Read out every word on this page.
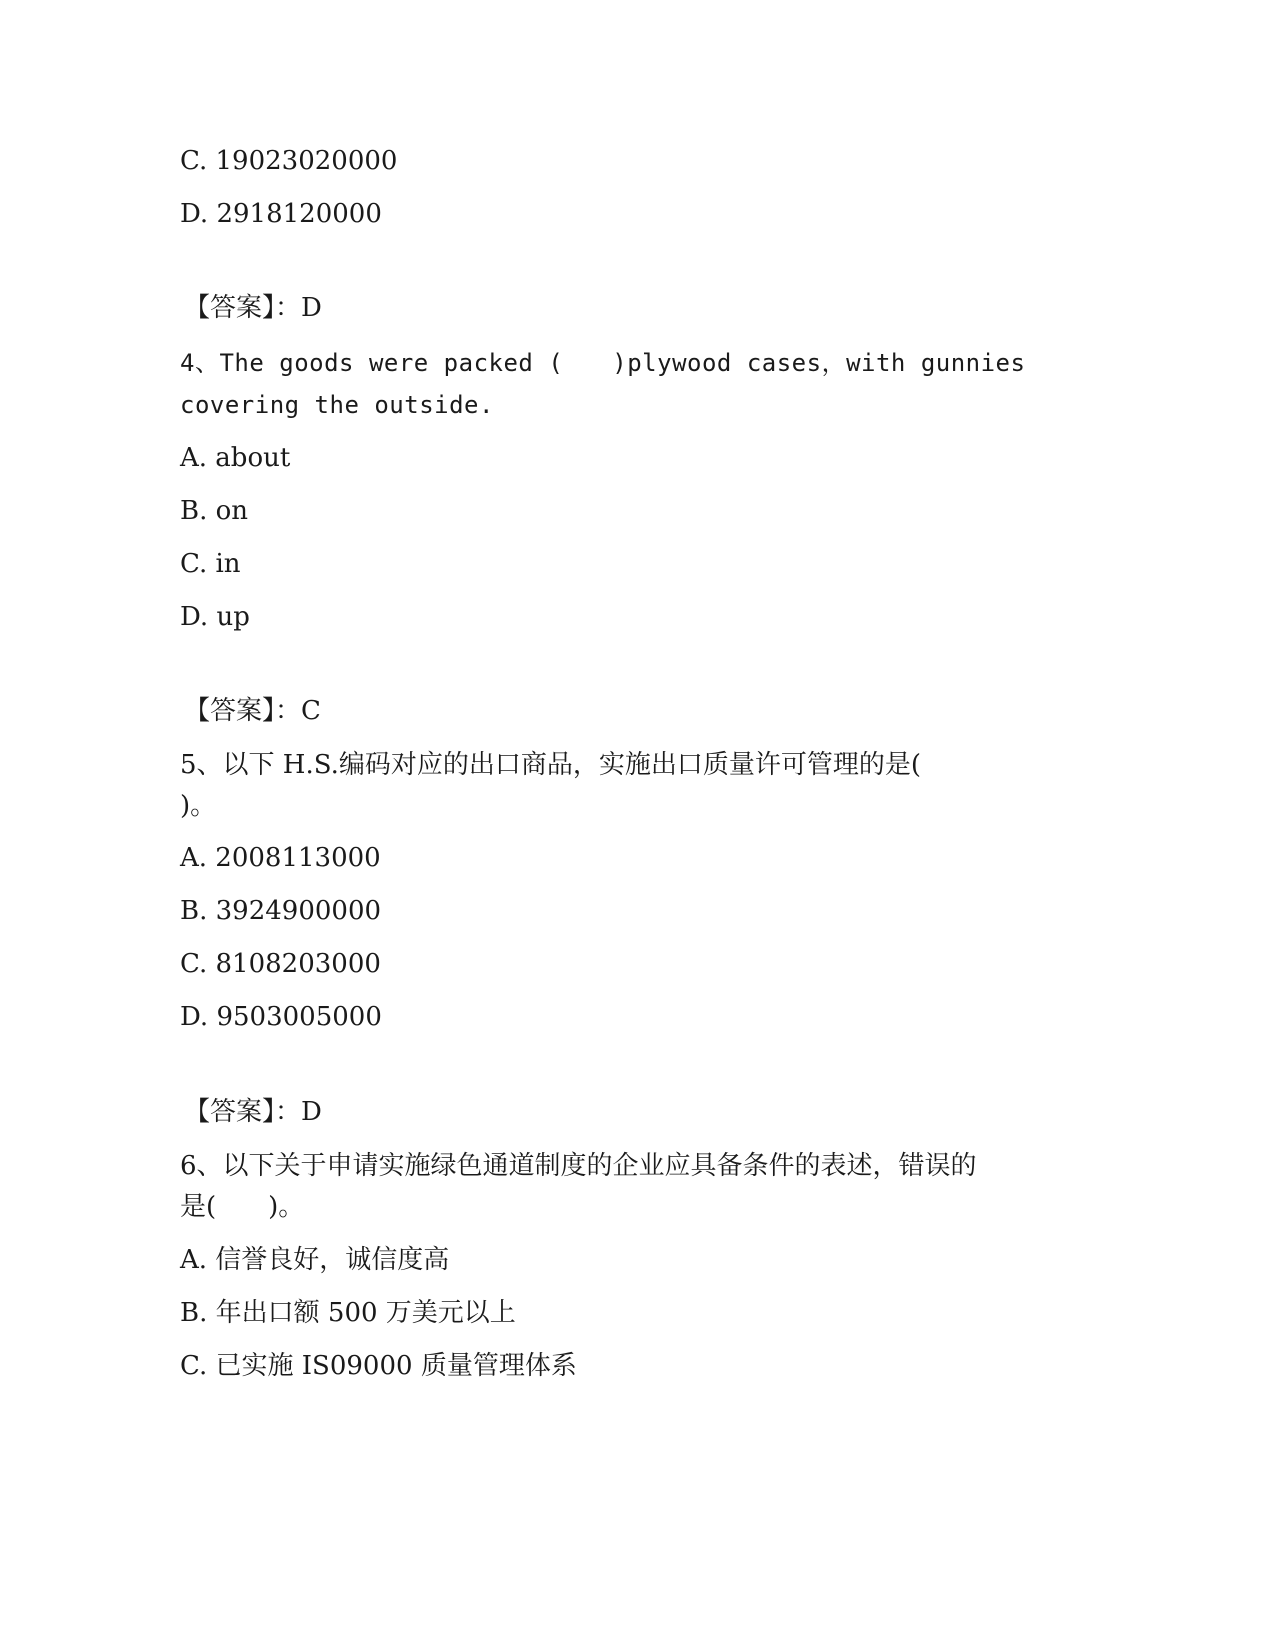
C. 19023020000
D. 2918120000
【答案】：D
4、The goods were packed (　　)plywood cases，with gunnies
covering the outside.
A. about
B. on
C. in
D. up
【答案】：C
5、以下 H.S.编码对应的出口商品，实施出口质量许可管理的是(
)。
A. 2008113000
B. 3924900000
C. 8108203000
D. 9503005000
【答案】：D
6、以下关于申请实施绿色通道制度的企业应具备条件的表述，错误的
是(　　)。
A. 信誉良好，诚信度高
B. 年出口额 500 万美元以上
C. 已实施 IS09000 质量管理体系
